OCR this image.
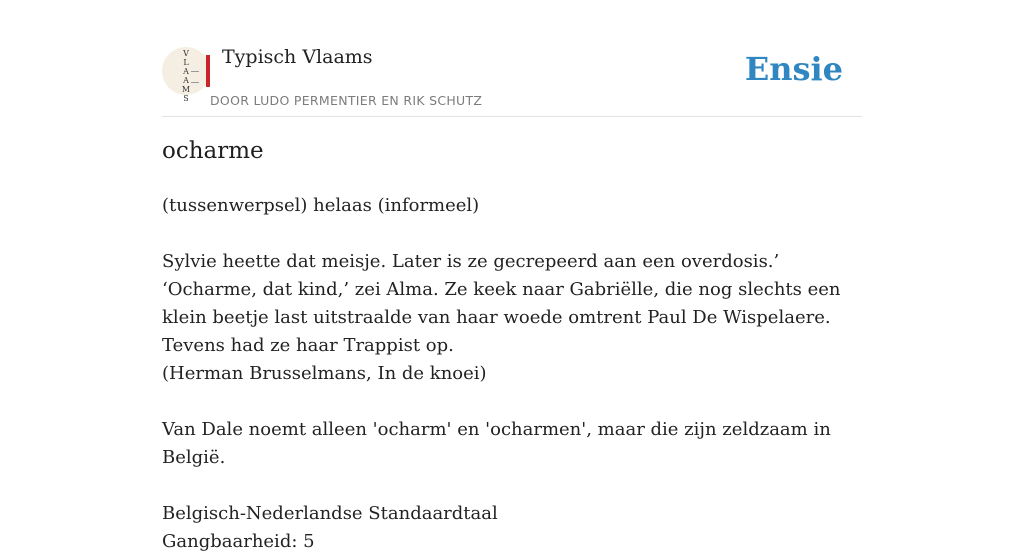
V
L
A
A
M
S
Typisch Vlaams
DOOR LUDO PERMENTIER EN RIK SCHUTZ
Ensie
ocharme

(tussenwerpsel) helaas (informeel)

Sylvie heette dat meisje. Later is ze gecrepeerd aan een overdosis.’ ‘Ocharme, dat kind,’ zei Alma. Ze keek naar Gabriëlle, die nog slechts een klein beetje last uitstraalde van haar woede omtrent Paul De Wispelaere. Tevens had ze haar Trappist op.

(Herman Brusselmans, In de knoei)

Van Dale noemt alleen 'ocharm' en 'ocharmen', maar die zijn zeldzaam in België.

Belgisch-Nederlandse Standaardtaal

Gangbaarheid: 5
